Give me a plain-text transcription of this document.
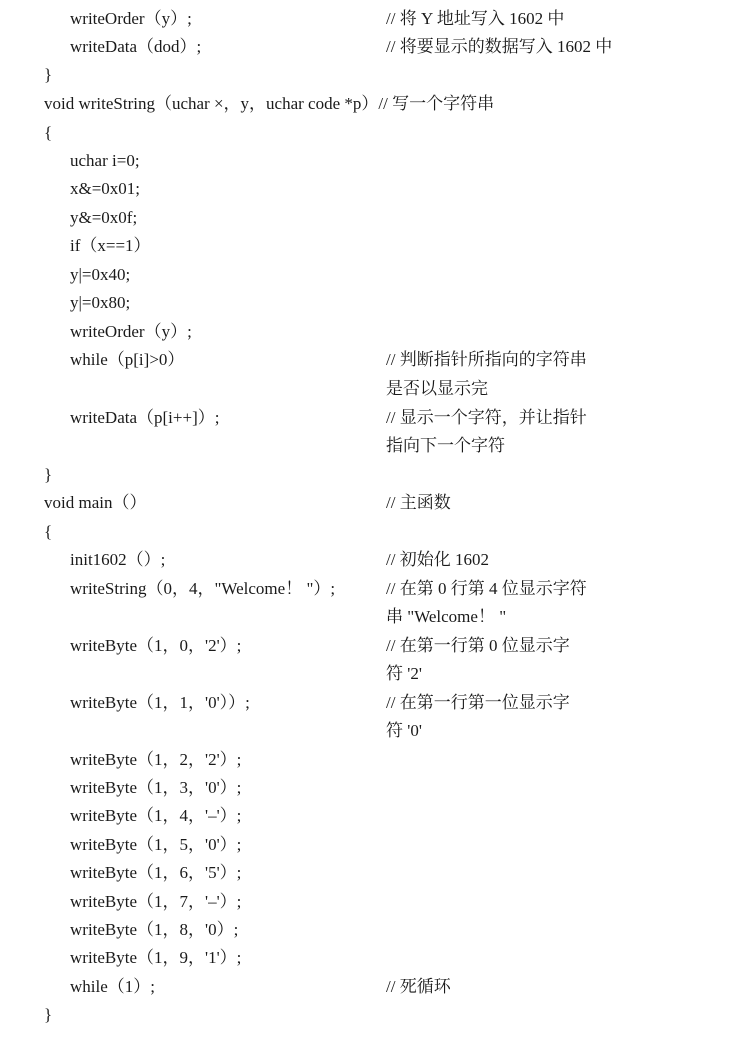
writeOrder（y）;	// 将 Y 地址写入 1602 中
writeData（dod）;	// 将要显示的数据写入 1602 中
}
void writeString（uchar ×，y，uchar code *p）// 写一个字符串
{
uchar i=0;
x&=0x01;
y&=0x0f;
if（x==1）
y|=0x40;
y|=0x80;
writeOrder（y）;
while（p[i]>0）	// 判断指针所指向的字符串
是否以显示完
writeData（p[i++]）;	// 显示一个字符，并让指针
指向下一个字符
}
void main（）	// 主函数
{
init1602（）;	// 初始化 1602
writeString（0，4，"Welcome！ "）;	// 在第 0 行第 4 位显示字符
串 "Welcome！ "
writeByte（1，0，'2'）;	// 在第一行第 0 位显示字
符 '2'
writeByte（1，1，'0'））;	// 在第一行第一位显示字
符 '0'
writeByte（1，2，'2'）;
writeByte（1，3，'0'）;
writeByte（1，4，'–'）;
writeByte（1，5，'0'）;
writeByte（1，6，'5'）;
writeByte（1，7，'–'）;
writeByte（1，8，'0）;
writeByte（1，9，'1'）;
while（1）;	// 死循环
}
